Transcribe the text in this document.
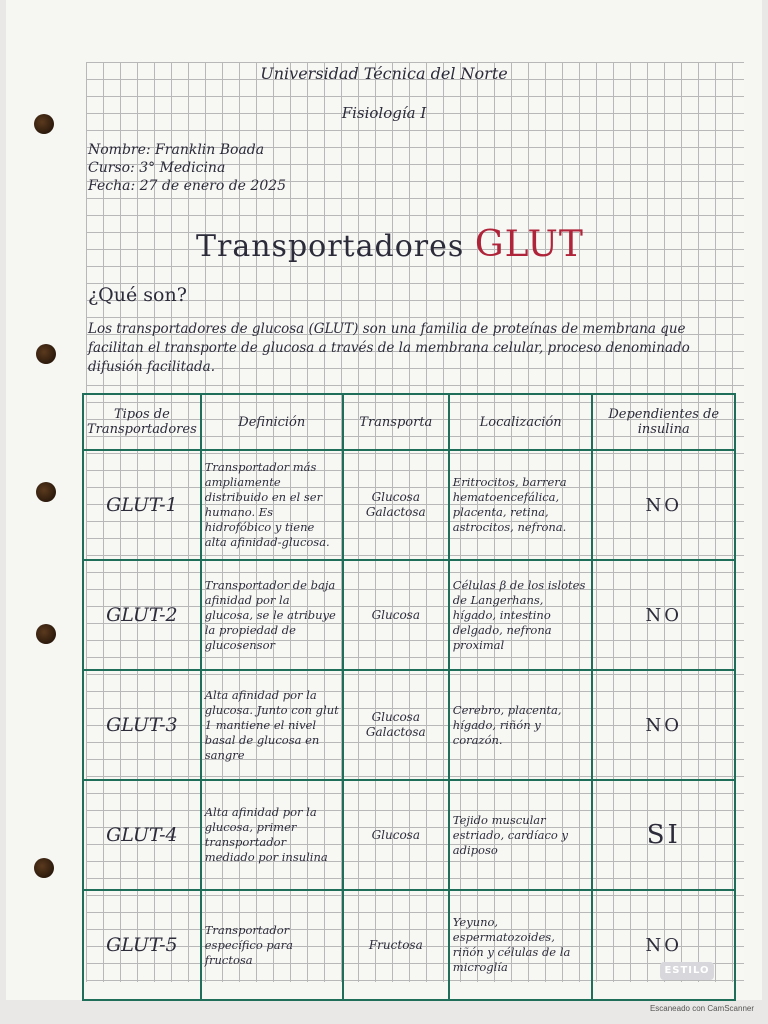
Universidad Técnica del Norte
Fisiología I
Nombre: Franklin Boada
Curso: 3° Medicina
Fecha: 27 de enero de 2025
Transportadores GLUT
¿Qué son?
Los transportadores de glucosa (GLUT) son una familia de proteínas de membrana que facilitan el transporte de glucosa a través de la membrana celular, proceso denominado difusión facilitada.
Tipos de Transportadores	Definición	Transporta	Localización	Dependientes de insulina
GLUT-1	Transportador más ampliamente distribuido en el ser humano. Es hidrofóbico y tiene alta afinidad-glucosa.	Glucosa Galactosa	Eritrocitos, barrera hematoencefálica, placenta, retina, astrocitos, nefrona.	NO
GLUT-2	Transportador de baja afinidad por la glucosa, se le atribuye la propiedad de glucosensor	Glucosa	Células β de los islotes de Langerhans, hígado, intestino delgado, nefrona proximal	NO
GLUT-3	Alta afinidad por la glucosa. Junto con glut 1 mantiene el nivel basal de glucosa en sangre	Glucosa Galactosa	Cerebro, placenta, hígado, riñón y corazón.	NO
GLUT-4	Alta afinidad por la glucosa, primer transportador mediado por insulina	Glucosa	Tejido muscular estriado, cardíaco y adiposo	SI
GLUT-5	Transportador específico para fructosa	Fructosa	Yeyuno, espermatozoides, riñón y células de la microglía	NO
ESTILO
Escaneado con CamScanner
